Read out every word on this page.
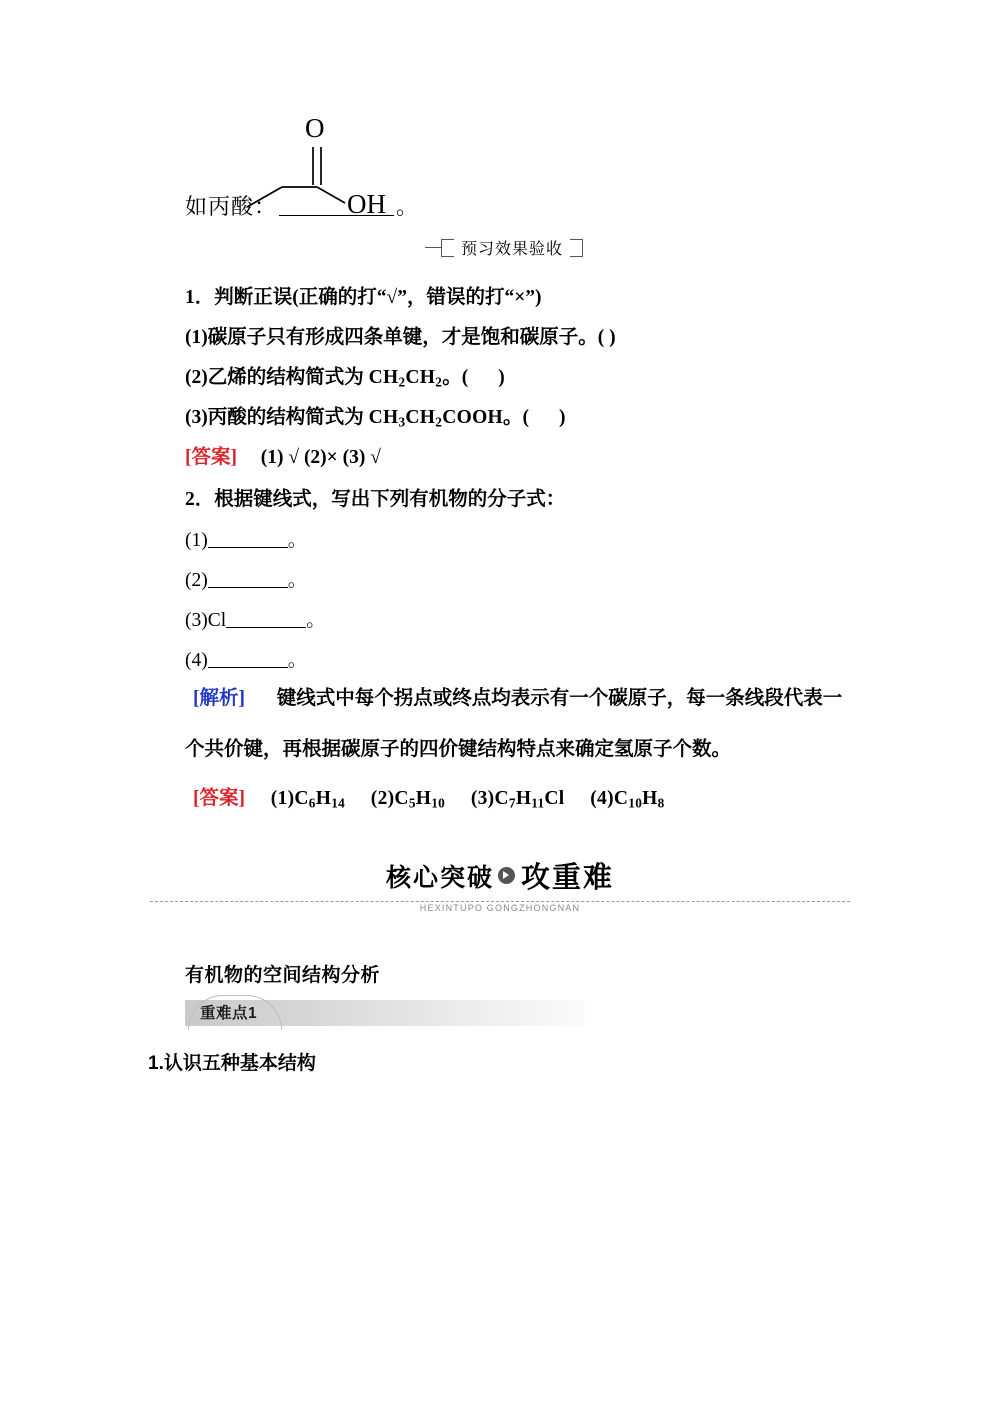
O
OH
如丙酸：	。
预习效果验收
1．判断正误(正确的打“√”，错误的打“×”)
(1)碳原子只有形成四条单键，才是饱和碳原子。( )
(2)乙烯的结构简式为 $CH_2CH_2$。( )
(3)丙酸的结构简式为 $CH_3CH_2COOH$。( )
[答案] (1) √ (2)× (3) √
2．根据键线式，写出下列有机物的分子式：
(1)	。
(2)	。
(3)Cl	。
(4)	。
[解析] 键线式中每个拐点或终点均表示有一个碳原子，每一条线段代表一
个共价键，再根据碳原子的四价键结构特点来确定氢原子个数。
[答案] $(1)C_6H_{14}$ $(2)C_5H_{10}$ $(3)C_7H_{11}Cl$ $(4)C_{10}H_8$
核心突破 攻重难
HEXINTUPO GONGZHONGNAN
有机物的空间结构分析
重难点1
1.认识五种基本结构
